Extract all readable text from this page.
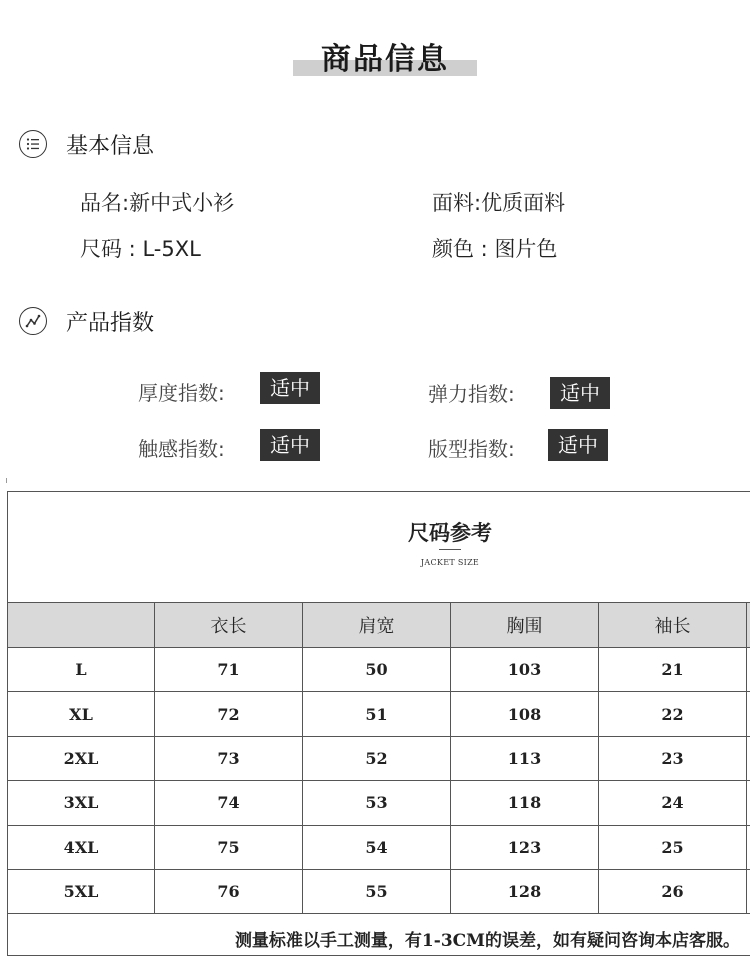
商品信息
基本信息
品名:新中式小衫	面料:优质面料
尺码 : L-5XL	颜色 : 图片色
产品指数
厚度指数:	适中	弹力指数:	适中
触感指数:	适中	版型指数:	适中
尺码参考
JACKET SIZE
	衣长	肩宽	胸围	袖长	
L	71	50	103	21	
XL	72	51	108	22	
2XL	73	52	113	23	
3XL	74	53	118	24	
4XL	75	54	123	25	
5XL	76	55	128	26	
测量标准以手工测量，有1-3CM的误差，如有疑问咨询本店客服。
